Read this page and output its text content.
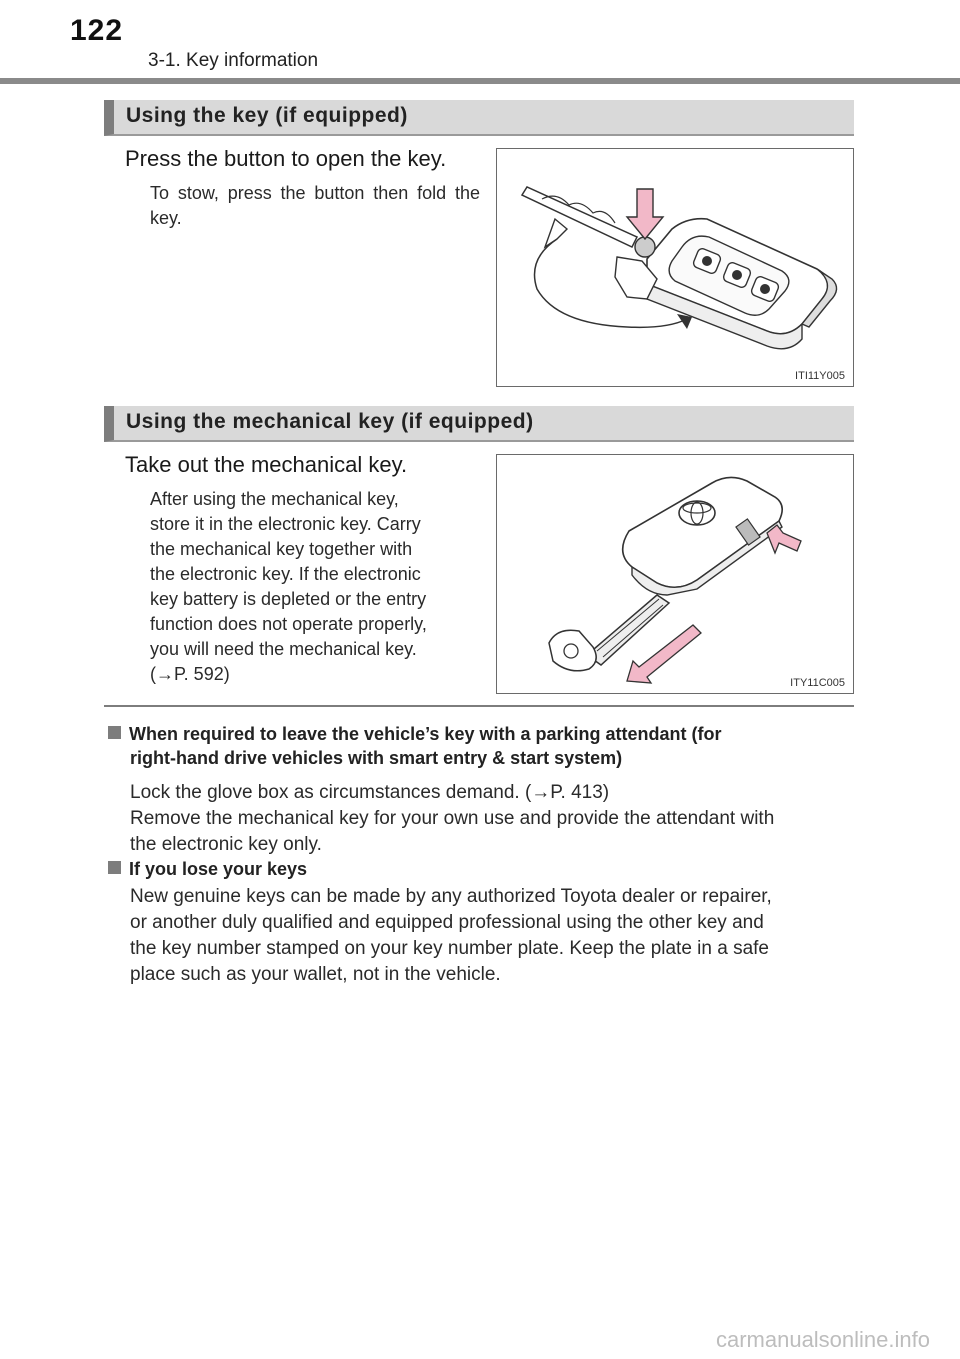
122
3-1. Key information
Using the key (if equipped)
Press the button to open the key.
To stow, press the button then fold the key.
ITI11Y005
Using the mechanical key (if equipped)
Take out the mechanical key.
After using the mechanical key,
store it in the electronic key. Carry
the mechanical key together with
the electronic key. If the electronic
key battery is depleted or the entry
function does not operate properly,
you will need the mechanical key.
(→P. 592)	ITY11C005
When required to leave the vehicle’s key with a parking attendant (for
right-hand drive vehicles with smart entry & start system)
Lock the glove box as circumstances demand. (→P. 413)
Remove the mechanical key for your own use and provide the attendant with
the electronic key only.
If you lose your keys
New genuine keys can be made by any authorized Toyota dealer or repairer,
or another duly qualified and equipped professional using the other key and
the key number stamped on your key number plate. Keep the plate in a safe
place such as your wallet, not in the vehicle.
carmanualsonline.info
